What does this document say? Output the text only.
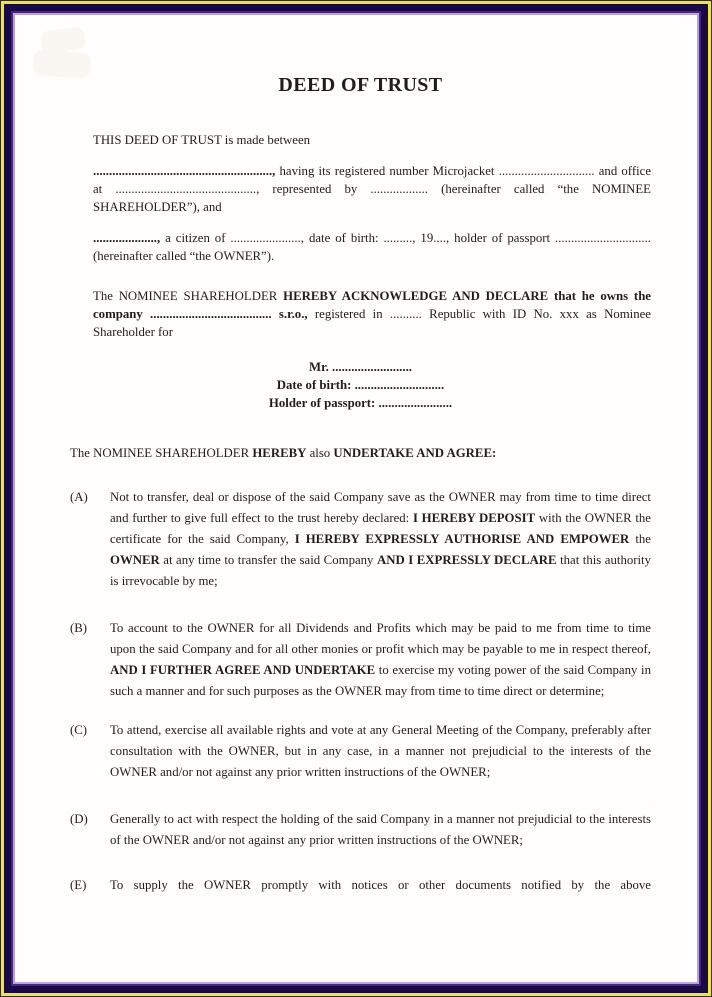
DEED OF TRUST

THIS DEED OF TRUST is made between

........................................................, having its registered number Microjacket .............................. and office at ............................................, represented by .................. (hereinafter called “the NOMINEE SHAREHOLDER”), and

...................., a citizen of ......................, date of birth: ........., 19...., holder of passport .............................. (hereinafter called “the OWNER”).

The NOMINEE SHAREHOLDER HEREBY ACKNOWLEDGE AND DECLARE that he owns the company ...................................... s.r.o., registered in .......... Republic with ID No. xxx as Nominee Shareholder for

Mr. .........................
Date of birth: ............................
Holder of passport: .......................

The NOMINEE SHAREHOLDER HEREBY also UNDERTAKE AND AGREE:

(A)	Not to transfer, deal or dispose of the said Company save as the OWNER may from time to time direct and further to give full effect to the trust hereby declared: I HEREBY DEPOSIT with the OWNER the certificate for the said Company, I HEREBY EXPRESSLY AUTHORISE AND EMPOWER the OWNER at any time to transfer the said Company AND I EXPRESSLY DECLARE that this authority is irrevocable by me;
(B)	To account to the OWNER for all Dividends and Profits which may be paid to me from time to time upon the said Company and for all other monies or profit which may be payable to me in respect thereof, AND I FURTHER AGREE AND UNDERTAKE to exercise my voting power of the said Company in such a manner and for such purposes as the OWNER may from time to time direct or determine;
(C)	To attend, exercise all available rights and vote at any General Meeting of the Company, preferably after consultation with the OWNER, but in any case, in a manner not prejudicial to the interests of the OWNER and/or not against any prior written instructions of the OWNER;
(D)	Generally to act with respect the holding of the said Company in a manner not prejudicial to the interests of the OWNER and/or not against any prior written instructions of the OWNER;
(E)	To supply the OWNER promptly with notices or other documents notified by the above
